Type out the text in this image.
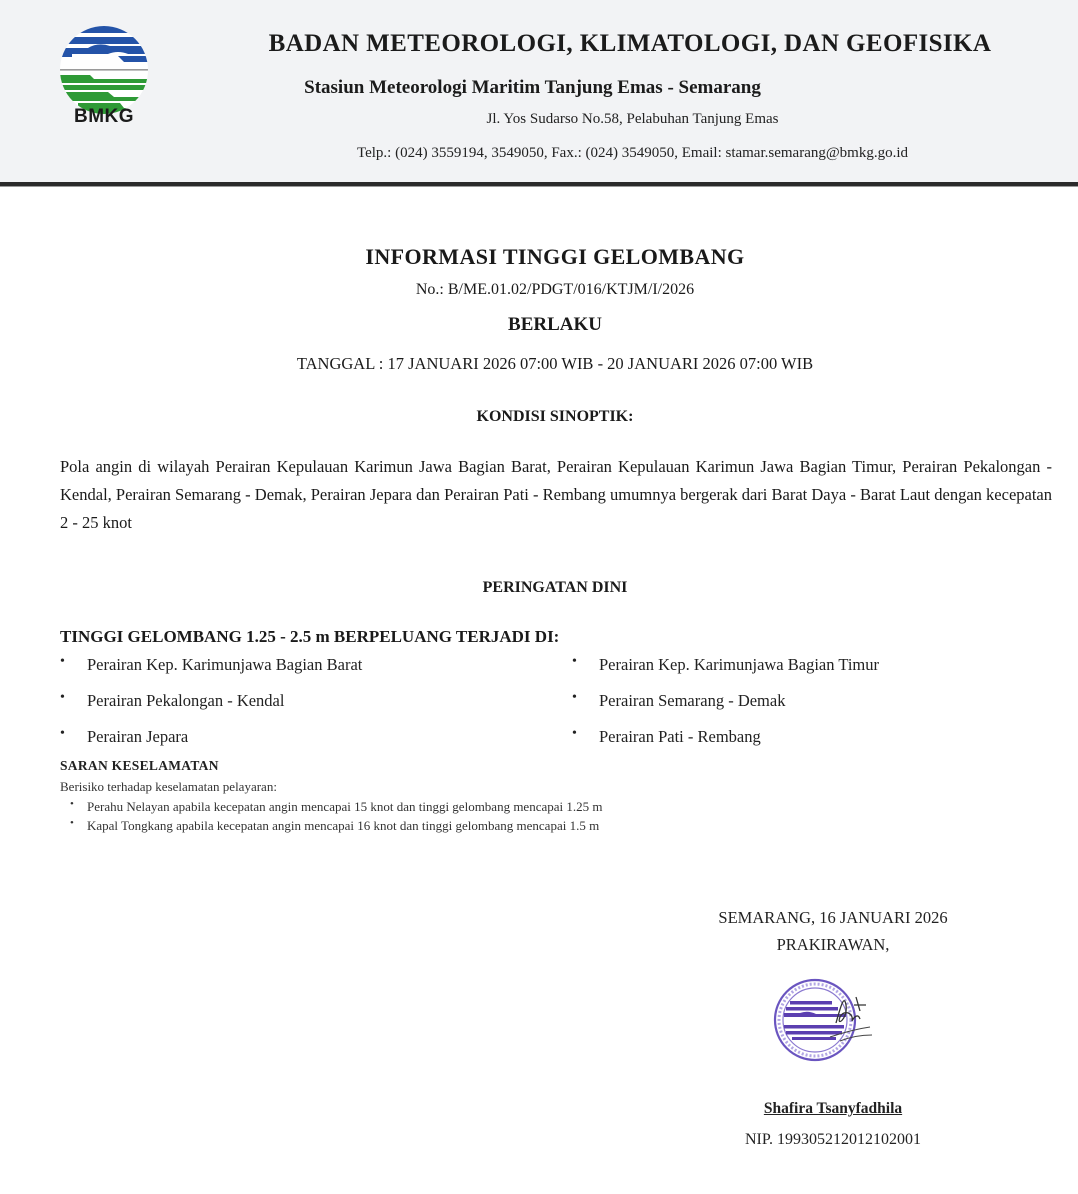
BMKG
BADAN METEOROLOGI, KLIMATOLOGI, DAN GEOFISIKA
Stasiun Meteorologi Maritim Tanjung Emas - Semarang
Jl. Yos Sudarso No.58, Pelabuhan Tanjung Emas
Telp.: (024) 3559194, 3549050, Fax.: (024) 3549050, Email: stamar.semarang@bmkg.go.id
INFORMASI TINGGI GELOMBANG
No.: B/ME.01.02/PDGT/016/KTJM/I/2026
BERLAKU
TANGGAL : 17 JANUARI 2026 07:00 WIB - 20 JANUARI 2026 07:00 WIB
KONDISI SINOPTIK:
Pola angin di wilayah Perairan Kepulauan Karimun Jawa Bagian Barat, Perairan Kepulauan Karimun Jawa Bagian Timur, Perairan Pekalongan - Kendal, Perairan Semarang - Demak, Perairan Jepara dan Perairan Pati - Rembang umumnya bergerak dari Barat Daya - Barat Laut dengan kecepatan 2 - 25 knot
PERINGATAN DINI
TINGGI GELOMBANG 1.25 - 2.5 m BERPELUANG TERJADI DI:
• Perairan Kep. Karimunjawa Bagian Barat	• Perairan Kep. Karimunjawa Bagian Timur
• Perairan Pekalongan - Kendal	• Perairan Semarang - Demak
• Perairan Jepara	• Perairan Pati - Rembang
SARAN KESELAMATAN
Berisiko terhadap keselamatan pelayaran:
• Perahu Nelayan apabila kecepatan angin mencapai 15 knot dan tinggi gelombang mencapai 1.25 m
• Kapal Tongkang apabila kecepatan angin mencapai 16 knot dan tinggi gelombang mencapai 1.5 m
SEMARANG, 16 JANUARI 2026
PRAKIRAWAN,
Shafira Tsanyfadhila
NIP. 199305212012102001
